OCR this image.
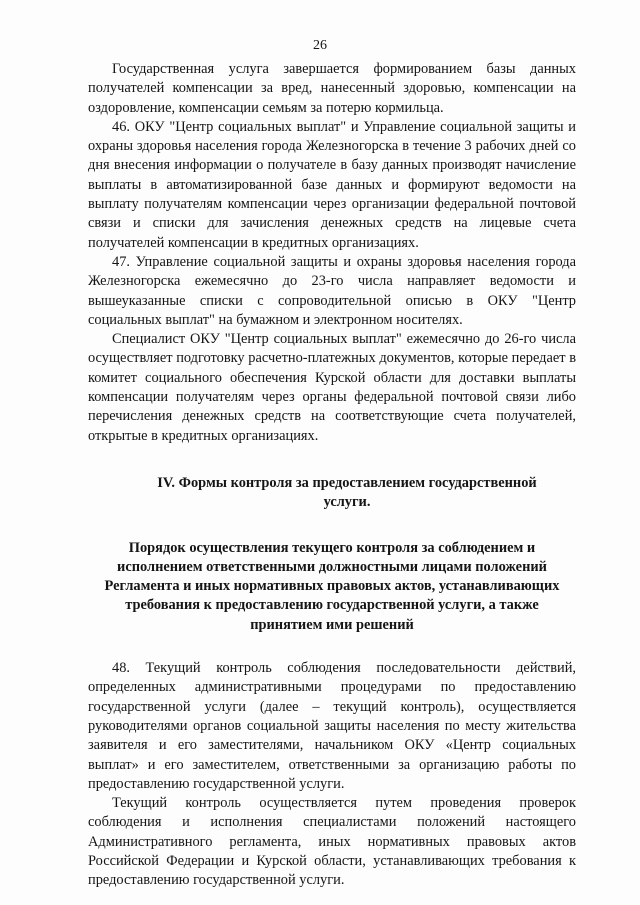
26

Государственная услуга завершается формированием базы данных получателей компенсации за вред, нанесенный здоровью, компенсации на оздоровление, компенсации семьям за потерю кормильца.

46. ОКУ "Центр социальных выплат" и Управление социальной защиты и охраны здоровья населения города Железногорска в течение 3 рабочих дней со дня внесения информации о получателе в базу данных производят начисление выплаты в автоматизированной базе данных и формируют ведомости на выплату получателям компенсации через организации федеральной почтовой связи и списки для зачисления денежных средств на лицевые счета получателей компенсации в кредитных организациях.

47. Управление социальной защиты и охраны здоровья населения города Железногорска ежемесячно до 23-го числа направляет ведомости и вышеуказанные списки с сопроводительной описью в ОКУ "Центр социальных выплат" на бумажном и электронном носителях.

Специалист ОКУ "Центр социальных выплат" ежемесячно до 26-го числа осуществляет подготовку расчетно-платежных документов, которые передает в комитет социального обеспечения Курской области для доставки выплаты компенсации получателям через органы федеральной почтовой связи либо перечисления денежных средств на соответствующие счета получателей, открытые в кредитных организациях.

IV. Формы контроля за предоставлением государственной услуги.
Порядок осуществления текущего контроля за соблюдением и исполнением ответственными должностными лицами положений Регламента и иных нормативных правовых актов, устанавливающих требования к предоставлению государственной услуги, а также принятием ими решений

48. Текущий контроль соблюдения последовательности действий, определенных административными процедурами по предоставлению государственной услуги (далее – текущий контроль), осуществляется руководителями органов социальной защиты населения по месту жительства заявителя и его заместителями, начальником ОКУ «Центр социальных выплат» и его заместителем, ответственными за организацию работы по предоставлению государственной услуги.

Текущий контроль осуществляется путем проведения проверок соблюдения и исполнения специалистами положений настоящего Административного регламента, иных нормативных правовых актов Российской Федерации и Курской области, устанавливающих требования к предоставлению государственной услуги.
